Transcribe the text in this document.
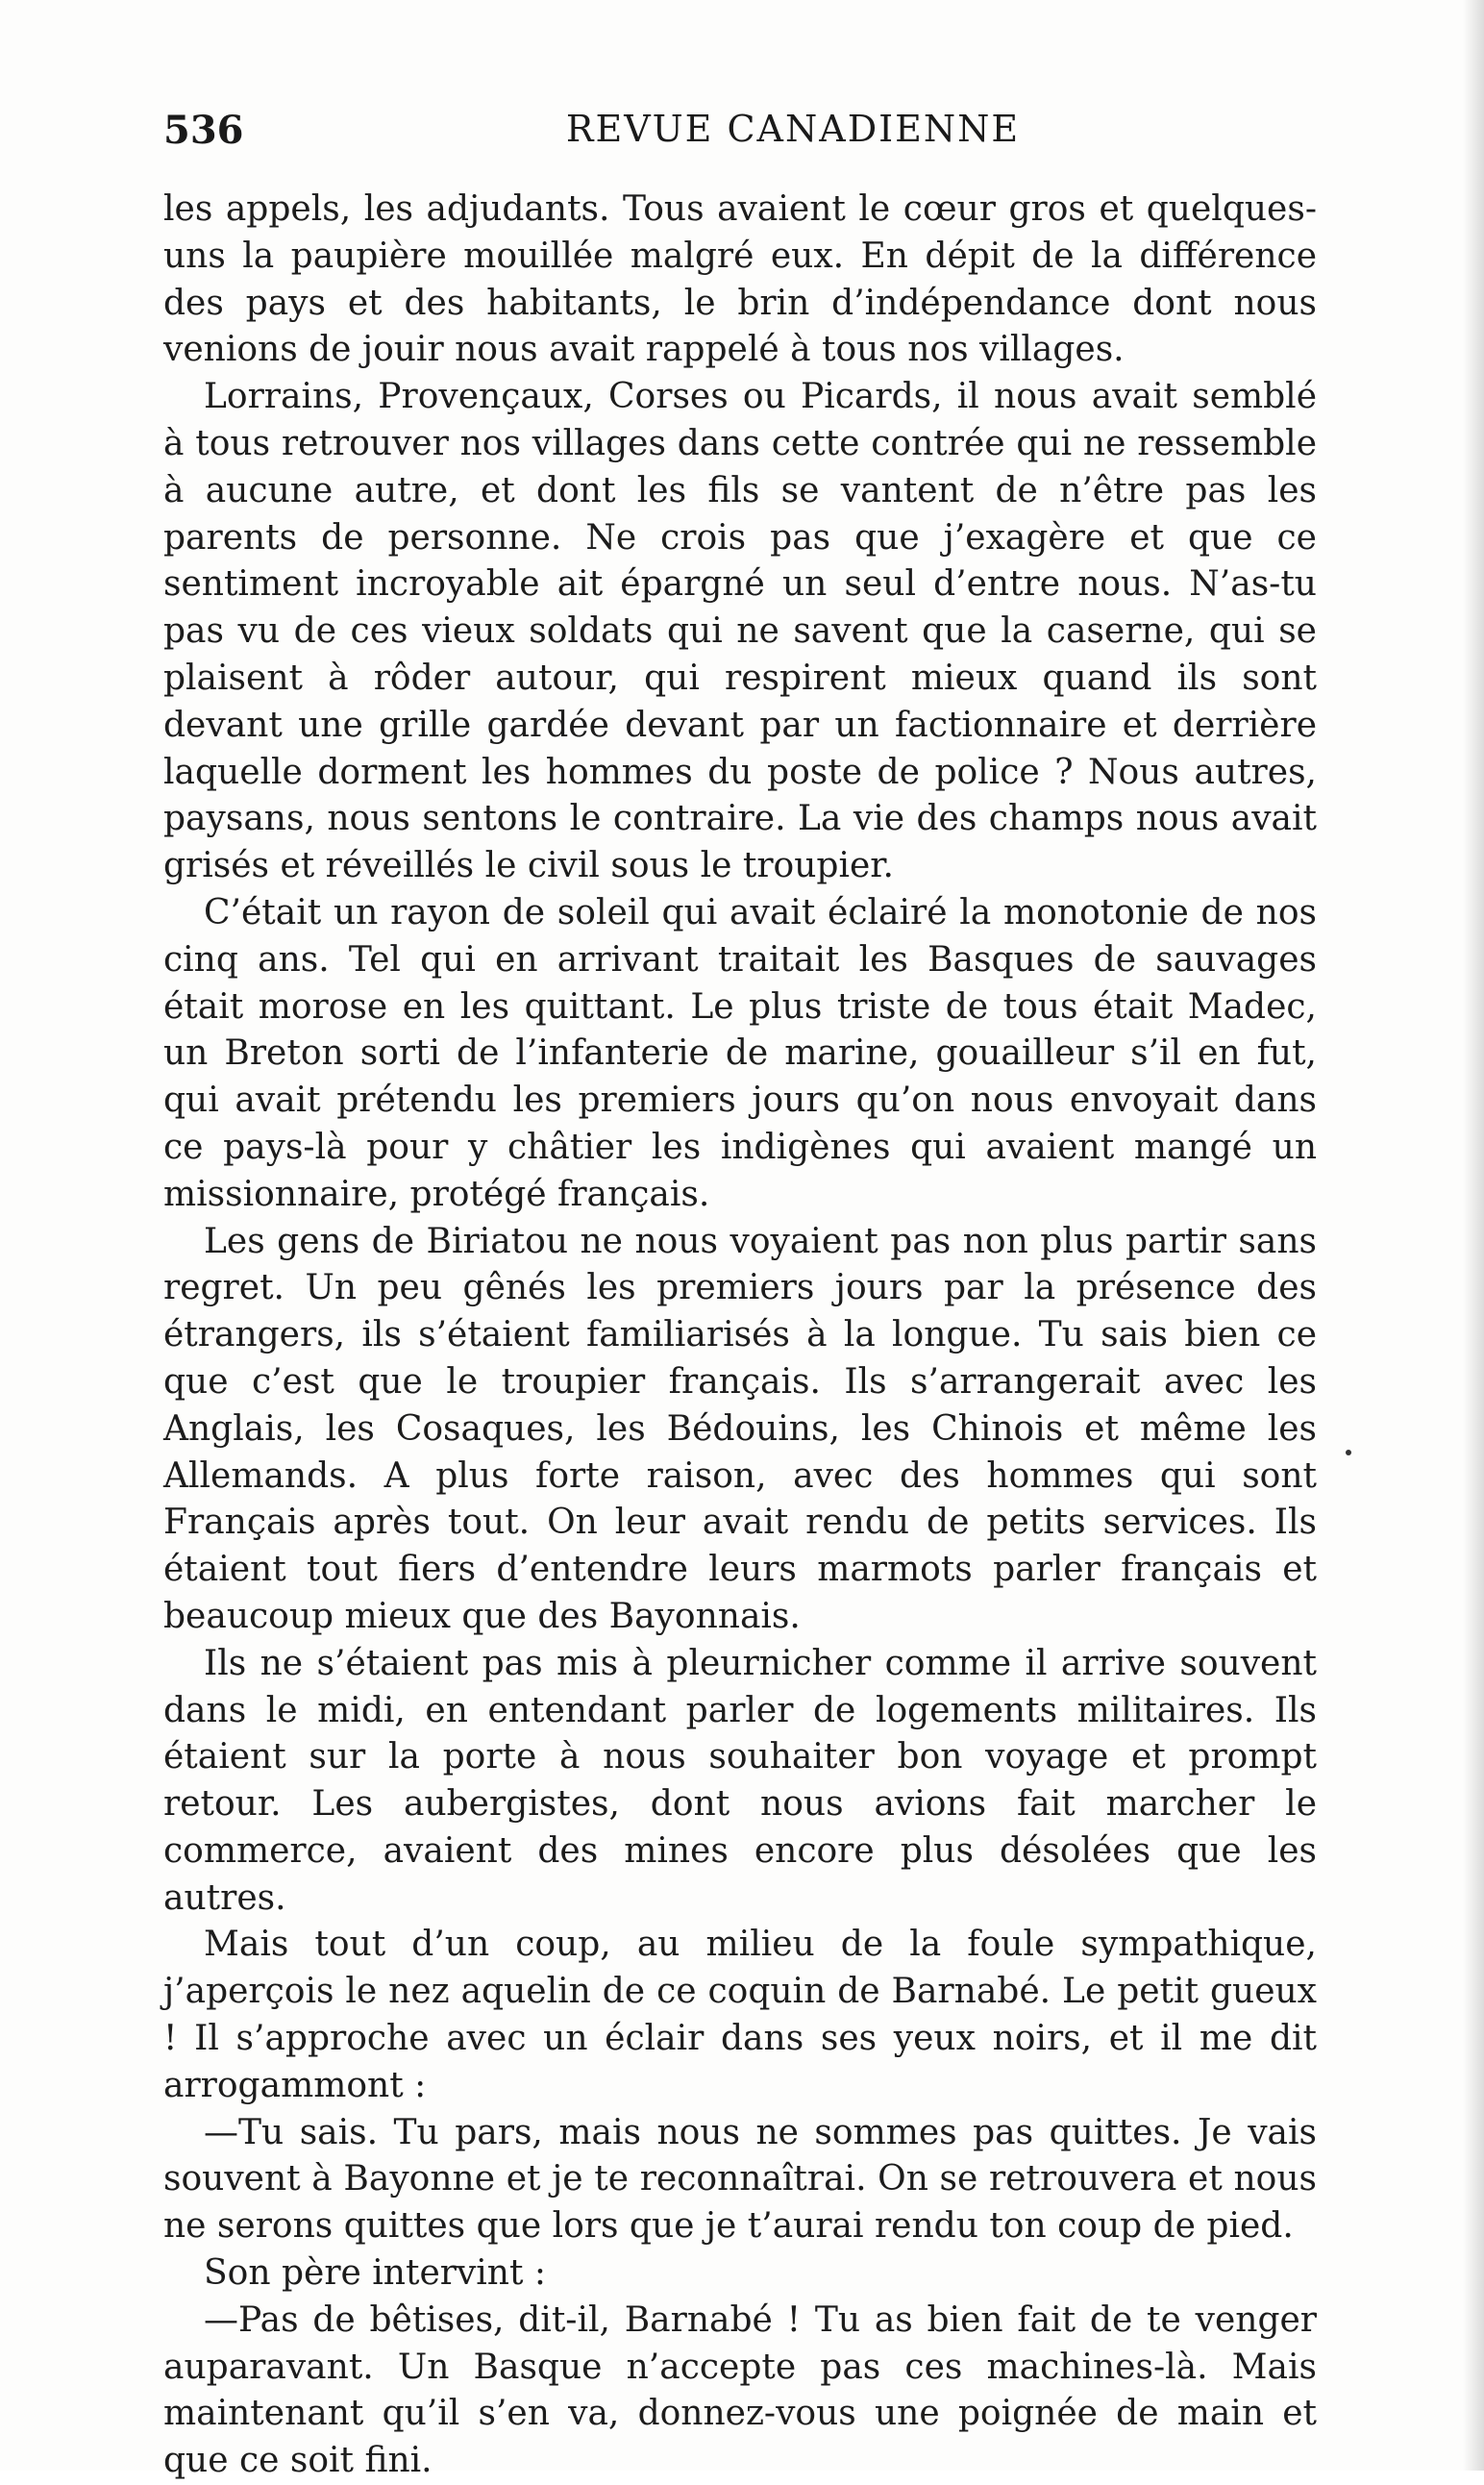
536	REVUE CANADIENNE

les appels, les adjudants. Tous avaient le cœur gros et quelques-uns la paupière mouillée malgré eux. En dépit de la différence des pays et des habitants, le brin d’indépendance dont nous venions de jouir nous avait rappelé à tous nos villages.

Lorrains, Provençaux, Corses ou Picards, il nous avait semblé à tous retrouver nos villages dans cette contrée qui ne ressemble à aucune autre, et dont les fils se vantent de n’être pas les parents de personne. Ne crois pas que j’exagère et que ce sentiment incroyable ait épargné un seul d’entre nous. N’as-tu pas vu de ces vieux soldats qui ne savent que la caserne, qui se plaisent à rôder autour, qui respirent mieux quand ils sont devant une grille gardée devant par un factionnaire et derrière laquelle dorment les hommes du poste de police ? Nous autres, paysans, nous sentons le contraire. La vie des champs nous avait grisés et réveillés le civil sous le troupier.

C’était un rayon de soleil qui avait éclairé la monotonie de nos cinq ans. Tel qui en arrivant traitait les Basques de sauvages était morose en les quittant. Le plus triste de tous était Madec, un Breton sorti de l’infanterie de marine, gouailleur s’il en fut, qui avait prétendu les premiers jours qu’on nous envoyait dans ce pays-là pour y châtier les indigènes qui avaient mangé un missionnaire, protégé français.

Les gens de Biriatou ne nous voyaient pas non plus partir sans regret. Un peu gênés les premiers jours par la présence des étrangers, ils s’étaient familiarisés à la longue. Tu sais bien ce que c’est que le troupier français. Ils s’arrangerait avec les Anglais, les Cosaques, les Bédouins, les Chinois et même les Allemands. A plus forte raison, avec des hommes qui sont Français après tout. On leur avait rendu de petits services. Ils étaient tout fiers d’entendre leurs marmots parler français et beaucoup mieux que des Bayonnais.

Ils ne s’étaient pas mis à pleurnicher comme il arrive souvent dans le midi, en entendant parler de logements militaires. Ils étaient sur la porte à nous souhaiter bon voyage et prompt retour. Les aubergistes, dont nous avions fait marcher le commerce, avaient des mines encore plus désolées que les autres.

Mais tout d’un coup, au milieu de la foule sympathique, j’aperçois le nez aquelin de ce coquin de Barnabé. Le petit gueux ! Il s’approche avec un éclair dans ses yeux noirs, et il me dit arrogammont :

—Tu sais. Tu pars, mais nous ne sommes pas quittes. Je vais souvent à Bayonne et je te reconnaîtrai. On se retrouvera et nous ne serons quittes que lors que je t’aurai rendu ton coup de pied.

Son père intervint :

—Pas de bêtises, dit-il, Barnabé ! Tu as bien fait de te venger auparavant. Un Basque n’accepte pas ces machines-là. Mais maintenant qu’il s’en va, donnez-vous une poignée de main et que ce soit fini.
